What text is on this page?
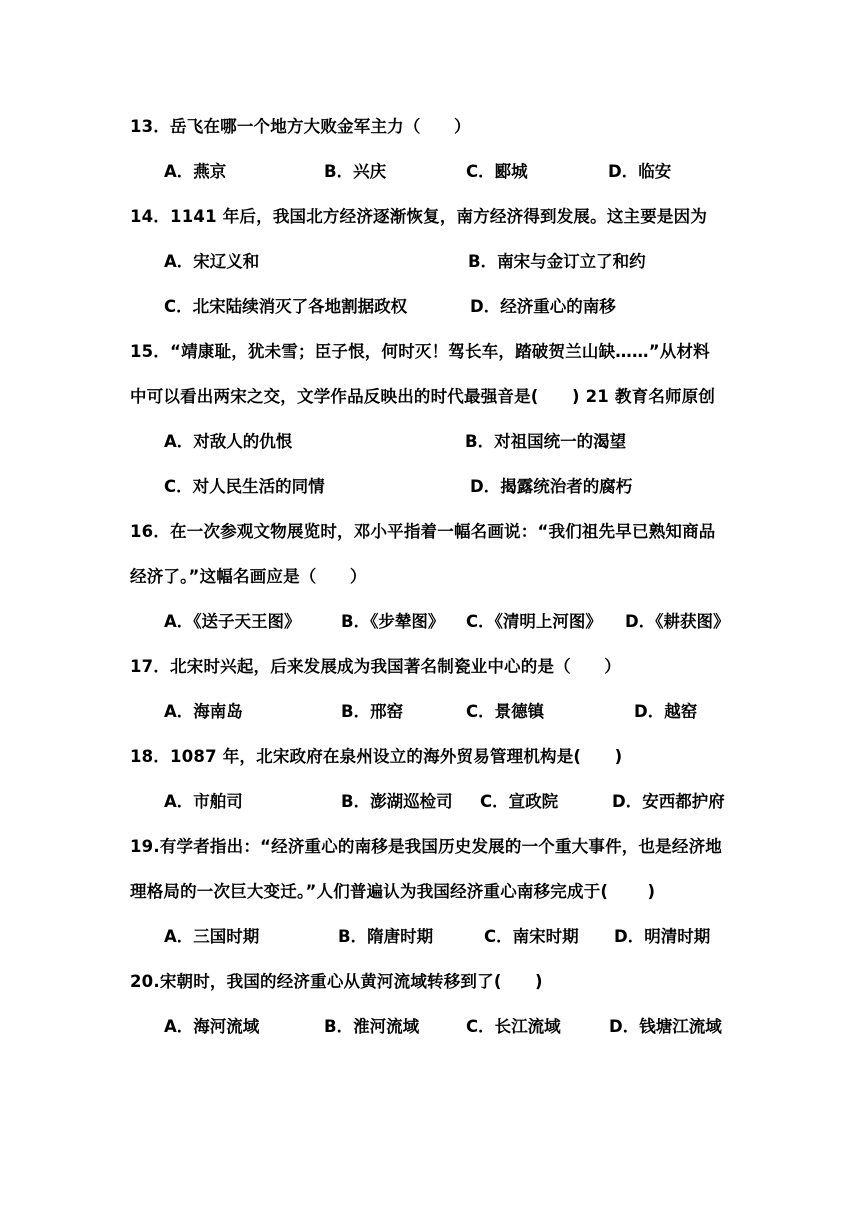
13．岳飞在哪一个地方大败金军主力（　　）
A．燕京	B．兴庆	C．郾城	D．临安
14．1141 年后，我国北方经济逐渐恢复，南方经济得到发展。这主要是因为
A．宋辽义和	B．南宋与金订立了和约
C．北宋陆续消灭了各地割据政权	D．经济重心的南移
15．“靖康耻，犹未雪；臣子恨，何时灭！驾长车，踏破贺兰山缺……”从材料
中可以看出两宋之交，文学作品反映出的时代最强音是(　　) 21 教育名师原创
A．对敌人的仇恨	B．对祖国统一的渴望
C．对人民生活的同情	D．揭露统治者的腐朽
16．在一次参观文物展览时，邓小平指着一幅名画说：“我们祖先早已熟知商品
经济了。”这幅名画应是（　　）
A．《送子天王图》 B．《步辇图》 C．《清明上河图》 D．《耕获图》
17．北宋时兴起，后来发展成为我国著名制瓷业中心的是（　　）
A．海南岛	B．邢窑	C．景德镇	D．越窑
18．1087 年，北宋政府在泉州设立的海外贸易管理机构是(　　)
A．市舶司	B．澎湖巡检司 C．宣政院	D．安西都护府
19.有学者指出：“经济重心的南移是我国历史发展的一个重大事件，也是经济地
理格局的一次巨大变迁。”人们普遍认为我国经济重心南移完成于(　　 )
A．三国时期	B．隋唐时期	C．南宋时期 D．明清时期
20.宋朝时，我国的经济重心从黄河流域转移到了(　　)
A．海河流域	B．淮河流域	C．长江流域	D．钱塘江流域
